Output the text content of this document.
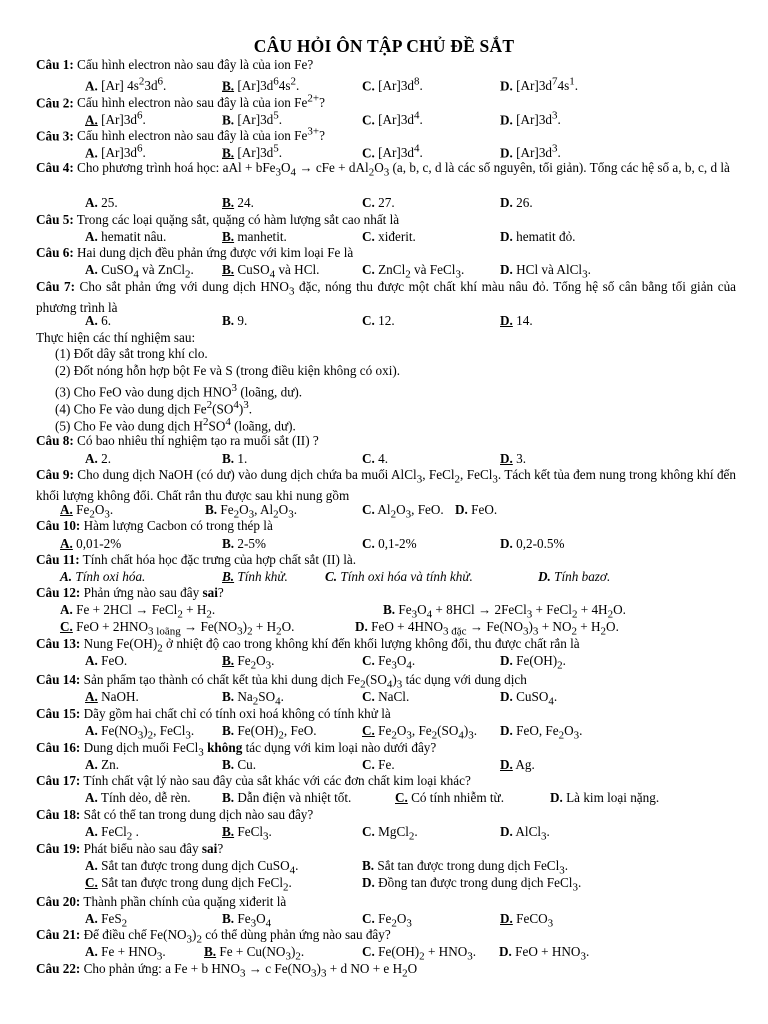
CÂU HỎI ÔN TẬP CHỦ ĐỀ SẮT
Câu 1: Cấu hình electron nào sau đây là của ion Fe?
A. [Ar] $4s^23d^6$.	B. $[Ar]3d^64s^2$.	C. $[Ar]3d^8$.	D. $[Ar]3d^74s^1$.
Câu 2: Cấu hình electron nào sau đây là của ion $Fe^{2+}$?
A. $[Ar]3d^6$.	B. $[Ar]3d^5$.	C. $[Ar]3d^4$.	D. $[Ar]3d^3$.
Câu 3: Cấu hình electron nào sau đây là của ion $Fe^{3+}$?
A. $[Ar]3d^6$.	B. $[Ar]3d^5$.	C. $[Ar]3d^4$.	D. $[Ar]3d^3$.
Câu 4: Cho phương trình hoá học: aAl + $bFe_3O_4$ → cFe + $dAl_2O_3$ (a, b, c, d là các số nguyên, tối giản). Tổng các hệ số a, b, c, d là
A. 25.	B. 24.	C. 27.	D. 26.
Câu 5: Trong các loại quặng sắt, quặng có hàm lượng sắt cao nhất là
A. hematit nâu.	B. manhetit.	C. xiđerit.	D. hematit đỏ.
Câu 6: Hai dung dịch đều phản ứng được với kim loại Fe là
A. CuSO$_4$ và ZnCl$_2$. B. CuSO$_4$ và HCl.	C. ZnCl$_2$ và FeCl$_3$.	D. HCl và AlCl$_3$.
Câu 7: Cho sắt phản ứng với dung dịch $HNO_3$ đặc, nóng thu được một chất khí màu nâu đỏ. Tổng hệ số cân bằng tối giản của phương trình là
A. 6.	B. 9.	C. 12.	D. 14.
Thực hiện các thí nghiệm sau:
(1) Đốt dây sắt trong khí clo.
(2) Đốt nóng hỗn hợp bột Fe và S (trong điều kiện không có oxi).
(3) Cho FeO vào dung dịch HNO$^3$ (loãng, dư).
(4) Cho Fe vào dung dịch $Fe^2(SO^4)^3$.
(5) Cho Fe vào dung dịch $H^2SO^4$ (loãng, dư).
Câu 8: Có bao nhiêu thí nghiệm tạo ra muối sắt (II) ?
A. 2.	B. 1.	C. 4.	D. 3.
Câu 9: Cho dung dịch NaOH (có dư) vào dung dịch chứa ba muối AlCl$_3$, FeCl$_2$, FeCl$_3$. Tách kết tủa đem nung trong không khí đến khối lượng không đổi. Chất rắn thu được sau khi nung gồm
A. $Fe_2O_3$.	B. $Fe_2O_3$, $Al_2O_3$.	C. $Al_2O_3$, FeO. D. FeO.
Câu 10: Hàm lượng Cacbon có trong thép là
A. 0,01-2%	B. 2-5%	C. 0,1-2%	D. 0,2-0.5%
Câu 11: Tính chất hóa học đặc trưng của hợp chất sắt (II) là.
A. Tính oxi hóa.	B. Tính khử.	C. Tính oxi hóa và tính khử.	D. Tính bazơ.
Câu 12: Phản ứng nào sau đây sai?
A. Fe + 2HCl → FeCl$_2$ + $H_2$.	B. $Fe_3O_4 + 8HCl$ → 2FeCl$_3$ + FeCl$_2$ + $4H_2O$.
C. FeO + $2HNO_{3 loãng} \to Fe(NO_3)_2 + H_2O$.	D. FeO + $4HNO_{3 đặc} \to Fe(NO_3)_3 + NO_2 + H_2O$.
Câu 13: Nung $Fe(OH)_2$ ở nhiệt độ cao trong không khí đến khối lượng không đổi, thu được chất rắn là
A. FeO.	B. $Fe_2O_3$.	C. $Fe_3O_4$.	D. $Fe(OH)_2$.
Câu 14: Sản phẩm tạo thành có chất kết tủa khi dung dịch $Fe_2(SO_4)_3$ tác dụng với dung dịch
A. NaOH.	B. $Na_2SO_4$.	C. NaCl.	D. CuSO$_4$.
Câu 15: Dãy gồm hai chất chỉ có tính oxi hoá không có tính khử là
A. $Fe(NO_3)_2$, FeCl$_3$. B. $Fe(OH)_2$, FeO.	C. $Fe_2O_3$, $Fe_2(SO_4)_3$. D. FeO, $Fe_2O_3$.
Câu 16: Dung dịch muối FeCl$_3$ không tác dụng với kim loại nào dưới đây?
A. Zn.	B. Cu.	C. Fe.	D. Ag.
Câu 17: Tính chất vật lý nào sau đây của sắt khác với các đơn chất kim loại khác?
A. Tính dẻo, dễ rèn. B. Dẫn điện và nhiệt tốt.	C. Có tính nhiễm từ.	D. Là kim loại nặng.
Câu 18: Sắt có thể tan trong dung dịch nào sau đây?
A. FeCl$_2$ .	B. FeCl$_3$.	C. MgCl$_2$.	D. AlCl$_3$.
Câu 19: Phát biểu nào sau đây sai?
A. Sắt tan được trong dung dịch CuSO$_4$.	B. Sắt tan được trong dung dịch FeCl$_3$.
C. Sắt tan được trong dung dịch FeCl$_2$.	D. Đồng tan được trong dung dịch FeCl$_3$.
Câu 20: Thành phần chính của quặng xiđerit là
A. FeS$_2$	B. $Fe_3O_4$	C. $Fe_2O_3$	D. FeCO$_3$
Câu 21: Để điều chế $Fe(NO_3)_2$ có thể dùng phản ứng nào sau đây?
A. $Fe + HNO_3$.	B. $Fe + Cu(NO_3)_2$.	C. $Fe(OH)_2 + HNO_3$. D. FeO + $HNO_3$.
Câu 22: Cho phản ứng: a Fe + b $HNO_3 \to c$ $Fe(NO_3)_3 + d$ NO + e $H_2O$
